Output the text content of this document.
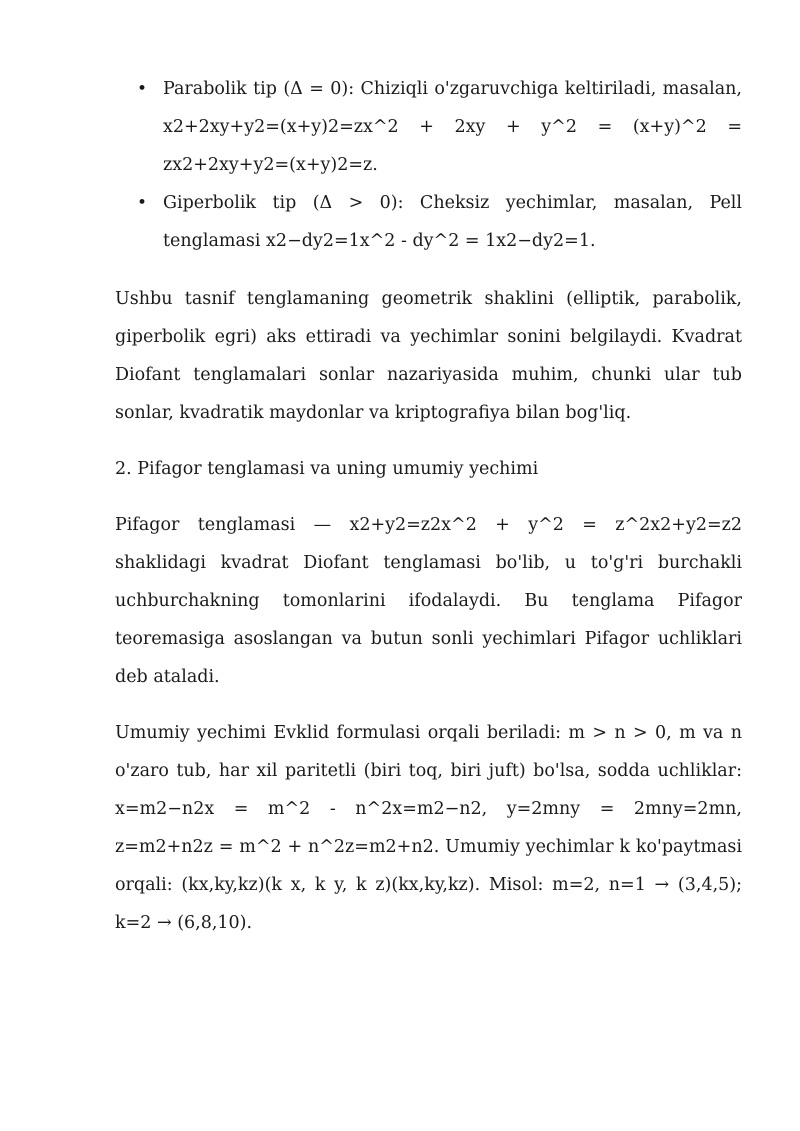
• Parabolik tip (Δ = 0): Chiziqli o'zgaruvchiga keltiriladi, masalan, x2+2xy+y2=(x+y)2=zx^2 + 2xy + y^2 = (x+y)^2 = zx2+2xy+y2=(x+y)2=z.
• Giperbolik tip (Δ > 0): Cheksiz yechimlar, masalan, Pell tenglamasi x2−dy2=1x^2 - dy^2 = 1x2−dy2=1.

Ushbu tasnif tenglamaning geometrik shaklini (elliptik, parabolik, giperbolik egri) aks ettiradi va yechimlar sonini belgilaydi. Kvadrat Diofant tenglamalari sonlar nazariyasida muhim, chunki ular tub sonlar, kvadratik maydonlar va kriptografiya bilan bog'liq.

2. Pifagor tenglamasi va uning umumiy yechimi

Pifagor tenglamasi — x2+y2=z2x^2 + y^2 = z^2x2+y2=z2 shaklidagi kvadrat Diofant tenglamasi bo'lib, u to'g'ri burchakli uchburchakning tomonlarini ifodalaydi. Bu tenglama Pifagor teoremasiga asoslangan va butun sonli yechimlari Pifagor uchliklari deb ataladi.

Umumiy yechimi Evklid formulasi orqali beriladi: m > n > 0, m va n o'zaro tub, har xil paritetli (biri toq, biri juft) bo'lsa, sodda uchliklar: x=m2−n2x = m^2 - n^2x=m2−n2, y=2mny = 2mny=2mn, z=m2+n2z = m^2 + n^2z=m2+n2. Umumiy yechimlar k ko'paytmasi orqali: (kx,ky,kz)(k x, k y, k z)(kx,ky,kz). Misol: m=2, n=1 → (3,4,5); k=2 → (6,8,10).
